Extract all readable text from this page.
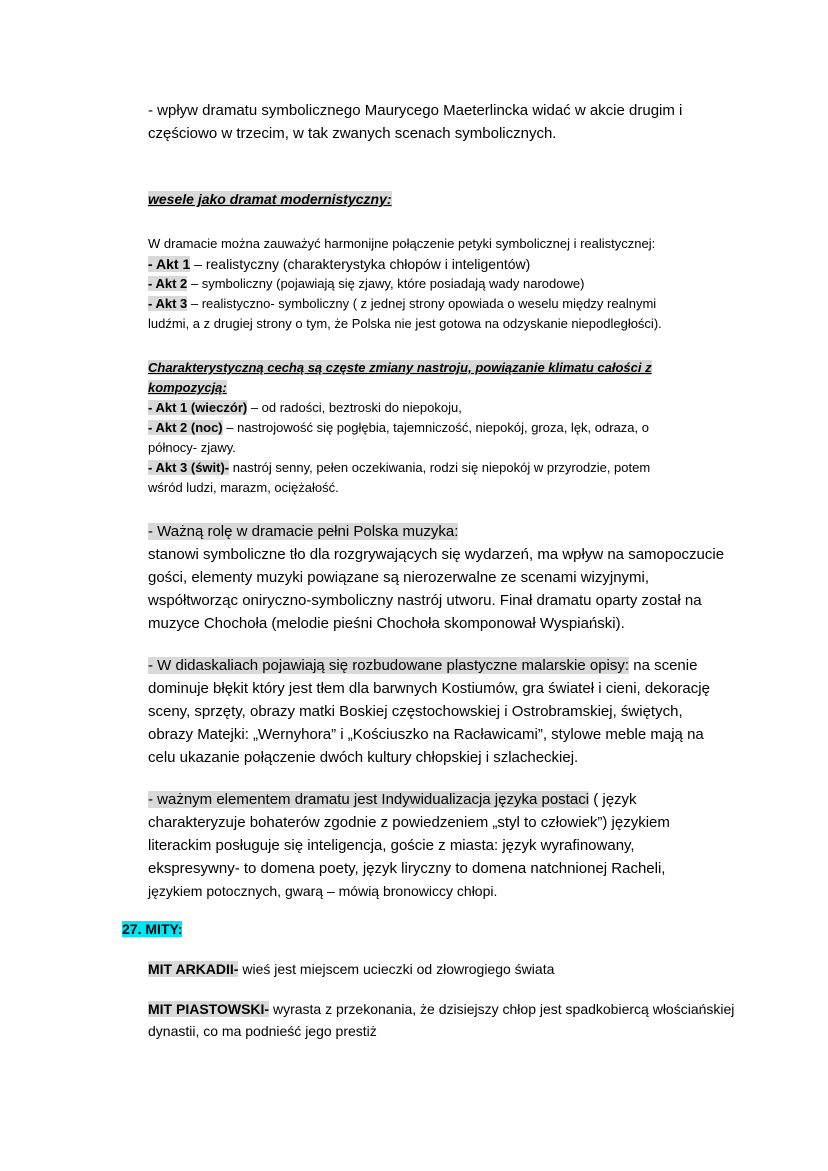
- wpływ dramatu symbolicznego Maurycego Maeterlincka widać w akcie drugim i
częściowo w trzecim, w tak zwanych scenach symbolicznych.

wesele jako dramat modernistyczny:

W dramacie można zauważyć harmonijne połączenie petyki symbolicznej i realistycznej:
- Akt 1 – realistyczny (charakterystyka chłopów i inteligentów)
- Akt 2 – symboliczny (pojawiają się zjawy, które posiadają wady narodowe)
- Akt 3 – realistyczno- symboliczny ( z jednej strony opowiada o weselu między realnymi
ludźmi, a z drugiej strony o tym, że Polska nie jest gotowa na odzyskanie niepodległości).
Charakterystyczną cechą są częste zmiany nastroju, powiązanie klimatu całości z
kompozycją:
- Akt 1 (wieczór) – od radości, beztroski do niepokoju,
- Akt 2 (noc) – nastrojowość się pogłębia, tajemniczość, niepokój, groza, lęk, odraza, o
północy- zjawy.
- Akt 3 (świt)- nastrój senny, pełen oczekiwania, rodzi się niepokój w przyrodzie, potem
wśród ludzi, marazm, ociężałość.
- Ważną rolę w dramacie pełni Polska muzyka:
stanowi symboliczne tło dla rozgrywających się wydarzeń, ma wpływ na samopoczucie
gości, elementy muzyki powiązane są nierozerwalne ze scenami wizyjnymi,
współtworząc oniryczno-symboliczny nastrój utworu. Finał dramatu oparty został na
muzyce Chochoła (melodie pieśni Chochoła skomponował Wyspiański).
- W didaskaliach pojawiają się rozbudowane plastyczne malarskie opisy: na scenie
dominuje błękit który jest tłem dla barwnych Kostiumów, gra świateł i cieni, dekorację
sceny, sprzęty, obrazy matki Boskiej częstochowskiej i Ostrobramskiej, świętych,
obrazy Matejki: „Wernyhora” i „Kościuszko na Racławicami”, stylowe meble mają na
celu ukazanie połączenie dwóch kultury chłopskiej i szlacheckiej.
- ważnym elementem dramatu jest Indywidualizacja języka postaci ( język
charakteryzuje bohaterów zgodnie z powiedzeniem „styl to człowiek”) językiem
literackim posługuje się inteligencja, goście z miasta: język wyrafinowany,
ekspresywny- to domena poety, język liryczny to domena natchnionej Racheli,
językiem potocznych, gwarą – mówią bronowiccy chłopi.

27. MITY:

MIT ARKADII- wieś jest miejscem ucieczki od złowrogiego świata

MIT PIASTOWSKI- wyrasta z przekonania, że dzisiejszy chłop jest spadkobiercą włościańskiej
dynastii, co ma podnieść jego prestiż
